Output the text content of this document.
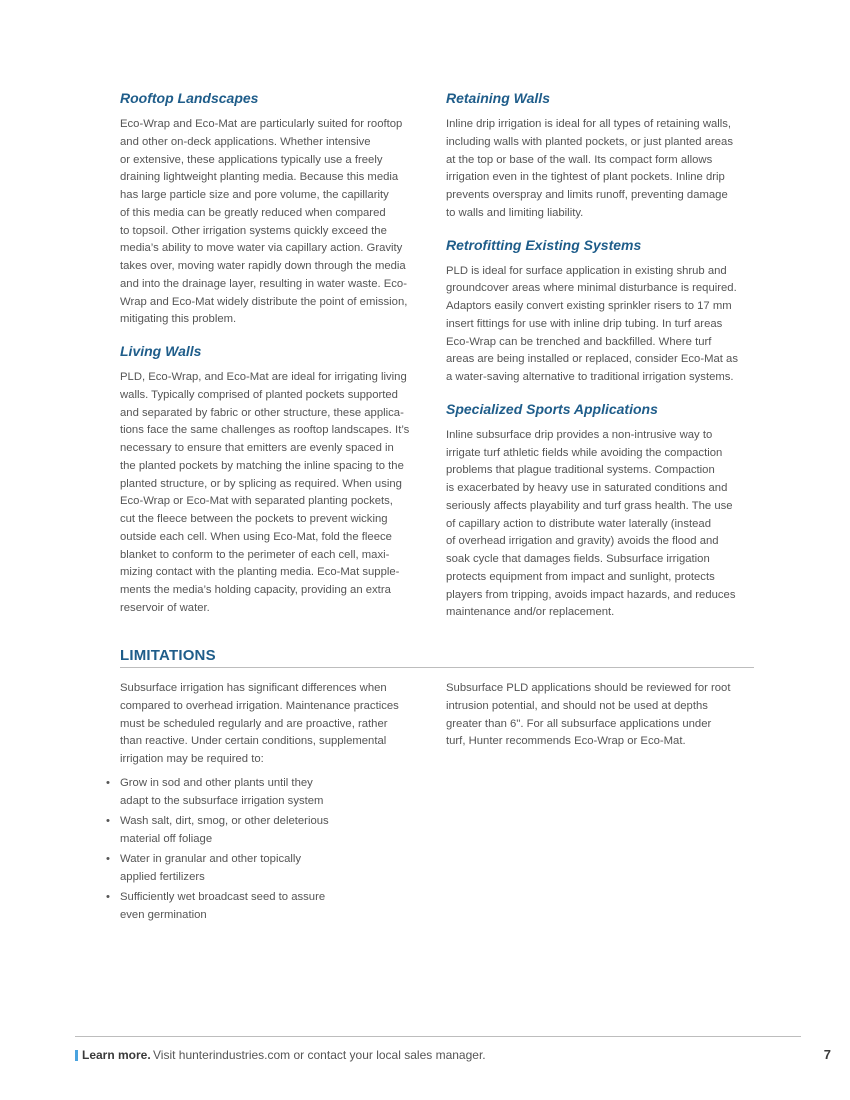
Rooftop Landscapes

Eco-Wrap and Eco-Mat are particularly suited for rooftop
and other on-deck applications. Whether intensive
or extensive, these applications typically use a freely
draining lightweight planting media. Because this media
has large particle size and pore volume, the capillarity
of this media can be greatly reduced when compared
to topsoil. Other irrigation systems quickly exceed the
media’s ability to move water via capillary action. Gravity
takes over, moving water rapidly down through the media
and into the drainage layer, resulting in water waste. Eco-
Wrap and Eco-Mat widely distribute the point of emission,
mitigating this problem.

Living Walls

PLD, Eco-Wrap, and Eco-Mat are ideal for irrigating living
walls. Typically comprised of planted pockets supported
and separated by fabric or other structure, these applica-
tions face the same challenges as rooftop landscapes. It’s
necessary to ensure that emitters are evenly spaced in
the planted pockets by matching the inline spacing to the
planted structure, or by splicing as required. When using
Eco-Wrap or Eco-Mat with separated planting pockets,
cut the fleece between the pockets to prevent wicking
outside each cell. When using Eco-Mat, fold the fleece
blanket to conform to the perimeter of each cell, maxi-
mizing contact with the planting media. Eco-Mat supple-
ments the media’s holding capacity, providing an extra
reservoir of water.

Retaining Walls

Inline drip irrigation is ideal for all types of retaining walls,
including walls with planted pockets, or just planted areas
at the top or base of the wall. Its compact form allows
irrigation even in the tightest of plant pockets. Inline drip
prevents overspray and limits runoff, preventing damage
to walls and limiting liability.

Retrofitting Existing Systems

PLD is ideal for surface application in existing shrub and
groundcover areas where minimal disturbance is required.
Adaptors easily convert existing sprinkler risers to 17 mm
insert fittings for use with inline drip tubing. In turf areas
Eco-Wrap can be trenched and backfilled. Where turf
areas are being installed or replaced, consider Eco-Mat as
a water-saving alternative to traditional irrigation systems.

Specialized Sports Applications

Inline subsurface drip provides a non-intrusive way to
irrigate turf athletic fields while avoiding the compaction
problems that plague traditional systems. Compaction
is exacerbated by heavy use in saturated conditions and
seriously affects playability and turf grass health. The use
of capillary action to distribute water laterally (instead
of overhead irrigation and gravity) avoids the flood and
soak cycle that damages fields. Subsurface irrigation
protects equipment from impact and sunlight, protects
players from tripping, avoids impact hazards, and reduces
maintenance and/or replacement.

LIMITATIONS

Subsurface irrigation has significant differences when
compared to overhead irrigation. Maintenance practices
must be scheduled regularly and are proactive, rather
than reactive. Under certain conditions, supplemental
irrigation may be required to:

• Grow in sod and other plants until they
adapt to the subsurface irrigation system
• Wash salt, dirt, smog, or other deleterious
material off foliage
• Water in granular and other topically
applied fertilizers
• Sufficiently wet broadcast seed to assure
even germination

Subsurface PLD applications should be reviewed for root
intrusion potential, and should not be used at depths
greater than 6". For all subsurface applications under
turf, Hunter recommends Eco-Wrap or Eco-Mat.

Learn more. Visit hunterindustries.com or contact your local sales manager.	7
